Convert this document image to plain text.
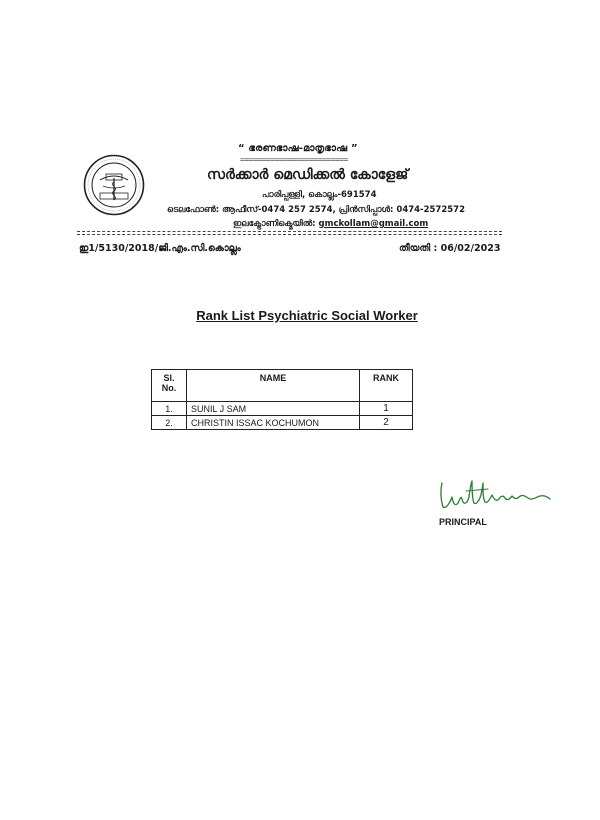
“ ഭരണഭാഷ-മാതൃഭാഷ ”
=========================
സർക്കാർ മെഡിക്കൽ കോളേജ്
പാരിപ്പള്ളി, കൊല്ലം-691574
ടെലഫോൺ: ആഫീസ്-0474 257 2574, പ്രിൻസിപ്പാൾ: 0474-2572572
ഇലക്ട്രോണിക്മെയിൽ: gmckollam@gmail.com
ഇ1/5130/2018/ജി.എം.സി.കൊല്ലം	തീയതി : 06/02/2023
Rank List Psychiatric Social Worker
Sl. No.	NAME	RANK
1.	SUNIL J SAM	1
2.	CHRISTIN ISSAC KOCHUMON	2
PRINCIPAL
